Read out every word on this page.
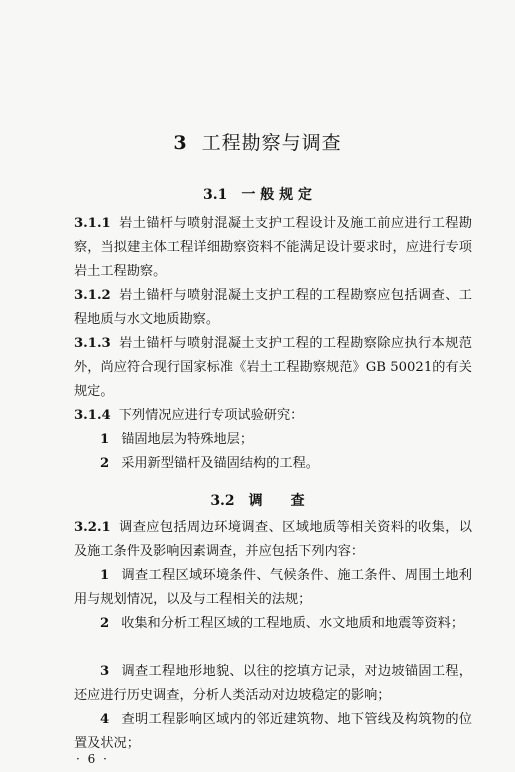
3 工程勘察与调查
3.1 一 般 规 定
3.1.1 岩土锚杆与喷射混凝土支护工程设计及施工前应进行工程勘察，当拟建主体工程详细勘察资料不能满足设计要求时，应进行专项岩土工程勘察。
3.1.2 岩土锚杆与喷射混凝土支护工程的工程勘察应包括调查、工程地质与水文地质勘察。
3.1.3 岩土锚杆与喷射混凝土支护工程的工程勘察除应执行本规范外，尚应符合现行国家标准《岩土工程勘察规范》GB 50021的有关规定。
3.1.4 下列情况应进行专项试验研究：
1 锚固地层为特殊地层；
2 采用新型锚杆及锚固结构的工程。
3.2 调 查
3.2.1 调查应包括周边环境调查、区域地质等相关资料的收集，以及施工条件及影响因素调查，并应包括下列内容：
1 调查工程区域环境条件、气候条件、施工条件、周围土地利用与规划情况，以及与工程相关的法规；
2 收集和分析工程区域的工程地质、水文地质和地震等资料；
3 调查工程地形地貌、以往的挖填方记录，对边坡锚固工程，还应进行历史调查，分析人类活动对边坡稳定的影响；
4 查明工程影响区域内的邻近建筑物、地下管线及构筑物的位置及状况；
· 6 ·
